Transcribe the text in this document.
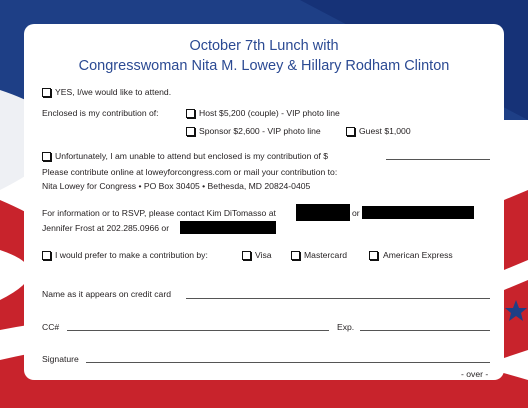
October 7th Lunch with
Congresswoman Nita M. Lowey & Hillary Rodham Clinton
YES, I/we would like to attend.
Enclosed is my contribution of:	Host $5,200 (couple) - VIP photo line
Sponsor $2,600 - VIP photo line	Guest $1,000
Unfortunately, I am unable to attend but enclosed is my contribution of $
Please contribute online at loweyforcongress.com or mail your contribution to:
Nita Lowey for Congress • PO Box 30405 • Bethesda, MD 20824-0405
For information or to RSVP, please contact Kim DiTomasso at	or
Jennifer Frost at 202.285.0966 or
I would prefer to make a contribution by:	Visa	Mastercard	American Express
Name as it appears on credit card
CC#	Exp.
Signature
- over -
